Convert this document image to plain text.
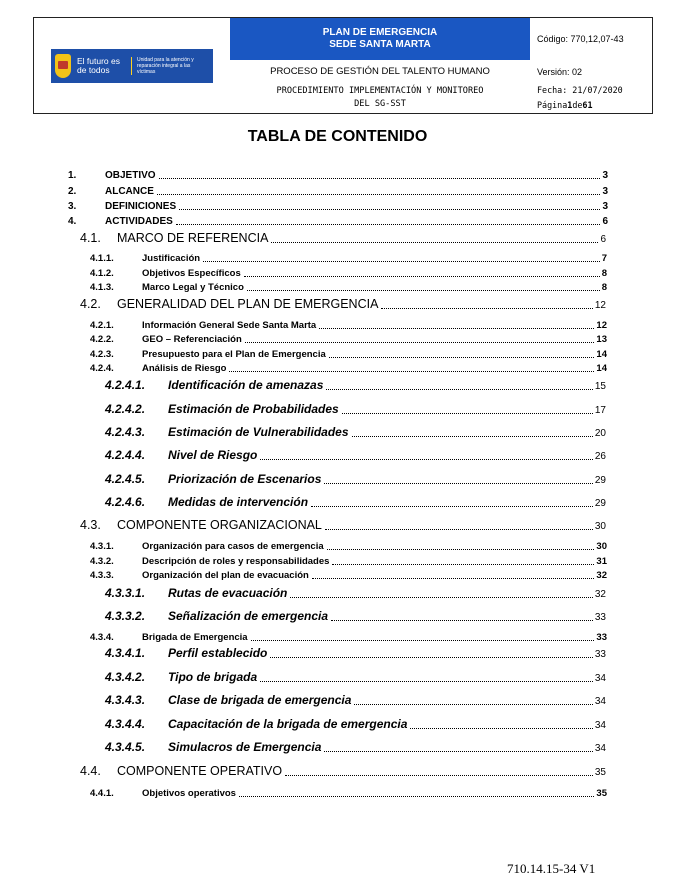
El futuro es de todos
Unidad para la atención y reparación integral a las víctimas
PLAN DE EMERGENCIA
SEDE SANTA MARTA	Código: 770,12,07-43
PROCESO DE GESTIÓN DEL TALENTO HUMANO	Versión: 02
PROCEDIMIENTO IMPLEMENTACIÓN Y MONITOREO
DEL SG-SST
Fecha: 21/07/2020
Página 1 de 61
TABLA DE CONTENIDO
1.	OBJETIVO	3
2.	ALCANCE	3
3.	DEFINICIONES	3
4.	ACTIVIDADES	6
4.1. MARCO DE REFERENCIA	6
4.1.1.	Justificación	7
4.1.2.	Objetivos Específicos	8
4.1.3.	Marco Legal y Técnico	8
4.2. GENERALIDAD DEL PLAN DE EMERGENCIA	12
4.2.1.	Información General Sede Santa Marta	12
4.2.2.	GEO – Referenciación	13
4.2.3.	Presupuesto para el Plan de Emergencia	14
4.2.4.	Análisis de Riesgo	14
4.2.4.1. Identificación de amenazas	15
4.2.4.2. Estimación de Probabilidades	17
4.2.4.3. Estimación de Vulnerabilidades	20
4.2.4.4. Nivel de Riesgo	26
4.2.4.5. Priorización de Escenarios	29
4.2.4.6. Medidas de intervención	29
4.3. COMPONENTE ORGANIZACIONAL	30
4.3.1.	Organización para casos de emergencia	30
4.3.2.	Descripción de roles y responsabilidades	31
4.3.3.	Organización del plan de evacuación	32
4.3.3.1. Rutas de evacuación	32
4.3.3.2. Señalización de emergencia	33
4.3.4.	Brigada de Emergencia	33
4.3.4.1. Perfil establecido	33
4.3.4.2. Tipo de brigada	34
4.3.4.3. Clase de brigada de emergencia	34
4.3.4.4. Capacitación de la brigada de emergencia	34
4.3.4.5. Simulacros de Emergencia	34
4.4. COMPONENTE OPERATIVO	35
4.4.1.	Objetivos operativos	35
710.14.15-34 V1
